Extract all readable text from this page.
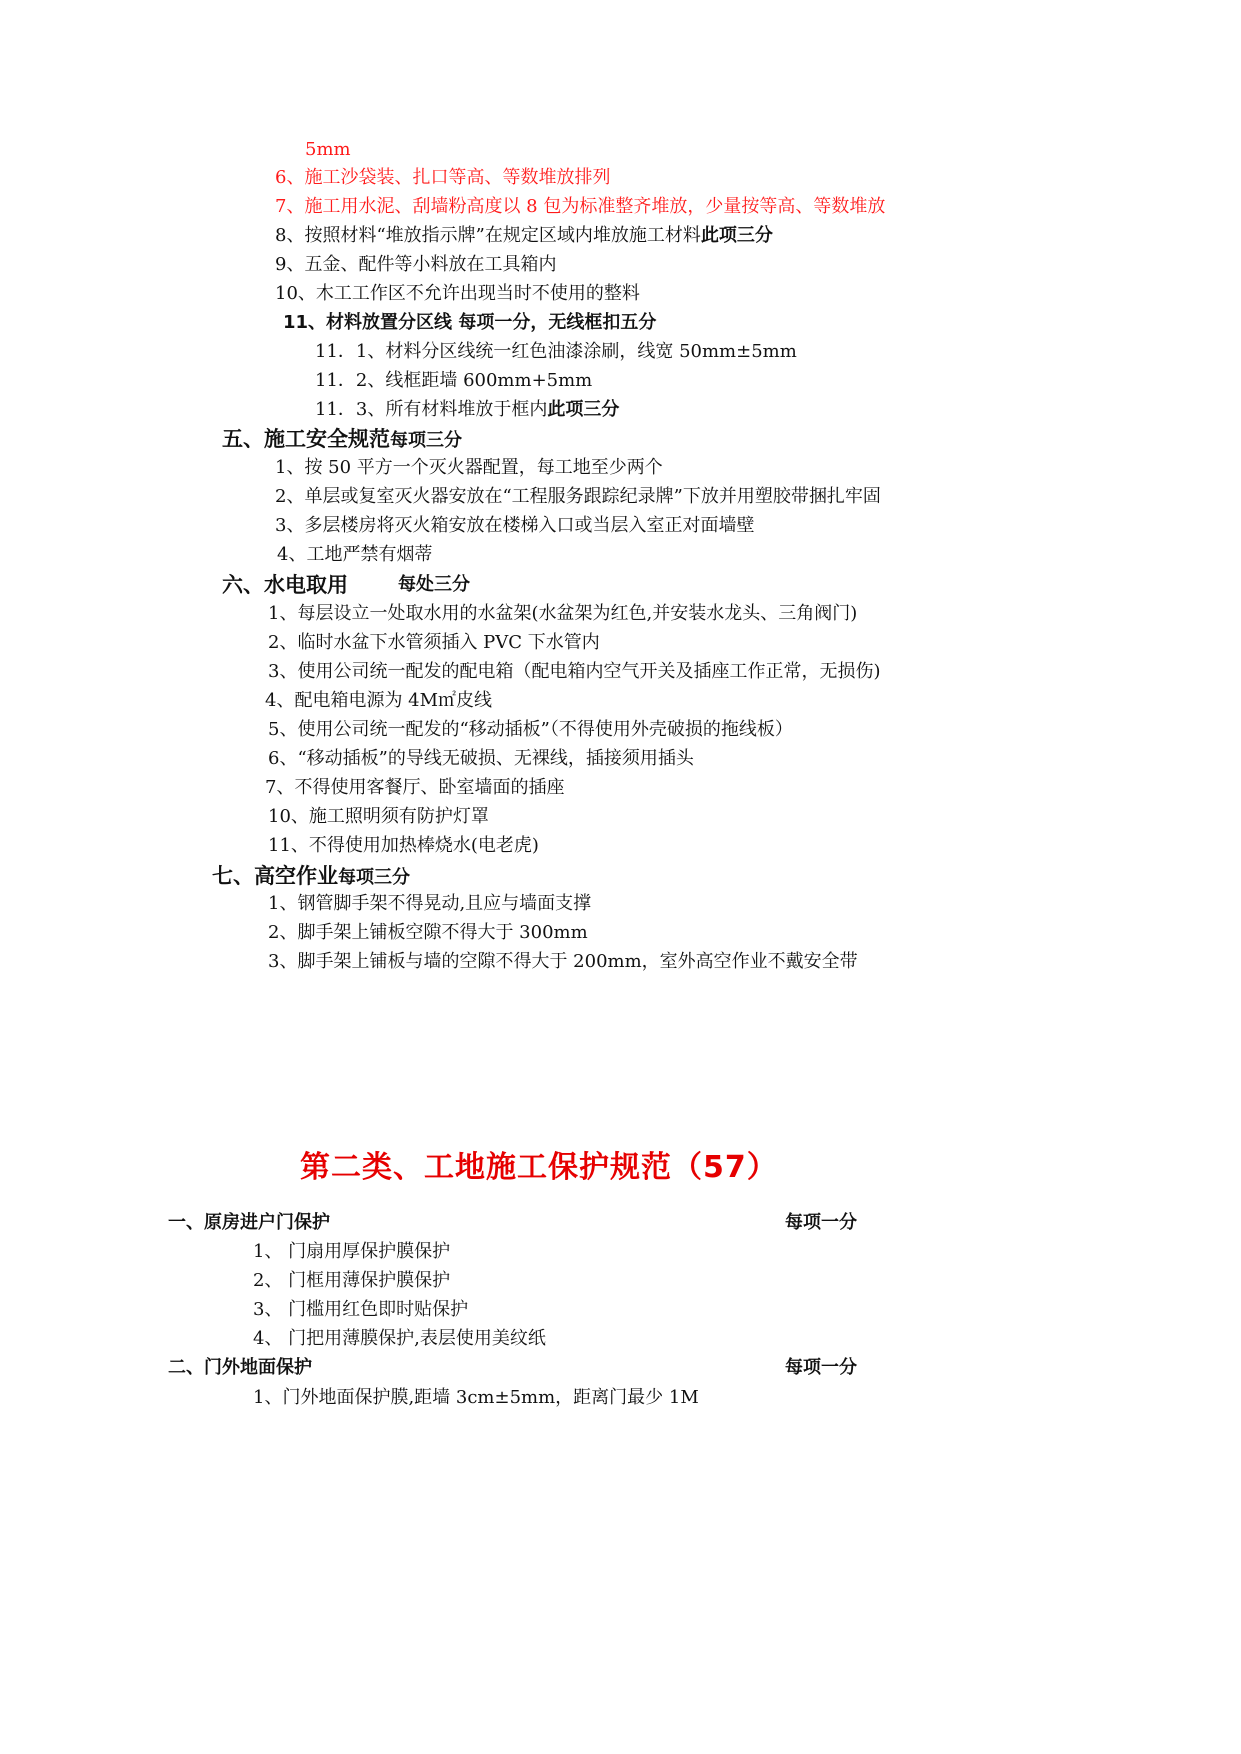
5mm
6、施工沙袋装、扎口等高、等数堆放排列
7、施工用水泥、刮墙粉高度以 8 包为标准整齐堆放，少量按等高、等数堆放
8、按照材料“堆放指示牌”在规定区域内堆放施工材料此项三分
9、五金、配件等小料放在工具箱内
10、木工工作区不允许出现当时不使用的整料
11、材料放置分区线 每项一分，无线框扣五分
11．1、材料分区线统一红色油漆涂刷，线宽 50mm±5mm
11．2、线框距墙 600mm+5mm
11．3、所有材料堆放于框内此项三分
五、施工安全规范每项三分
1、按 50 平方一个灭火器配置，每工地至少两个
2、单层或复室灭火器安放在“工程服务跟踪纪录牌”下放并用塑胶带捆扎牢固
3、多层楼房将灭火箱安放在楼梯入口或当层入室正对面墙壁
4、工地严禁有烟蒂
六、水电取用	每处三分
1、每层设立一处取水用的水盆架(水盆架为红色,并安装水龙头、三角阀门)
2、临时水盆下水管须插入 PVC 下水管内
3、使用公司统一配发的配电箱（配电箱内空气开关及插座工作正常，无损伤)
4、配电箱电源为 4M㎡皮线
5、使用公司统一配发的“移动插板”（不得使用外壳破损的拖线板）
6、“移动插板”的导线无破损、无裸线，插接须用插头
7、不得使用客餐厅、卧室墙面的插座
10、施工照明须有防护灯罩
11、不得使用加热棒烧水(电老虎)
七、高空作业每项三分
1、钢管脚手架不得晃动,且应与墙面支撑
2、脚手架上铺板空隙不得大于 300mm
3、脚手架上铺板与墙的空隙不得大于 200mm，室外高空作业不戴安全带
第二类、工地施工保护规范（57）
一、原房进户门保护	每项一分
1、 门扇用厚保护膜保护
2、 门框用薄保护膜保护
3、 门槛用红色即时贴保护
4、 门把用薄膜保护,表层使用美纹纸
二、门外地面保护	每项一分
1、门外地面保护膜,距墙 3cm±5mm，距离门最少 1M
